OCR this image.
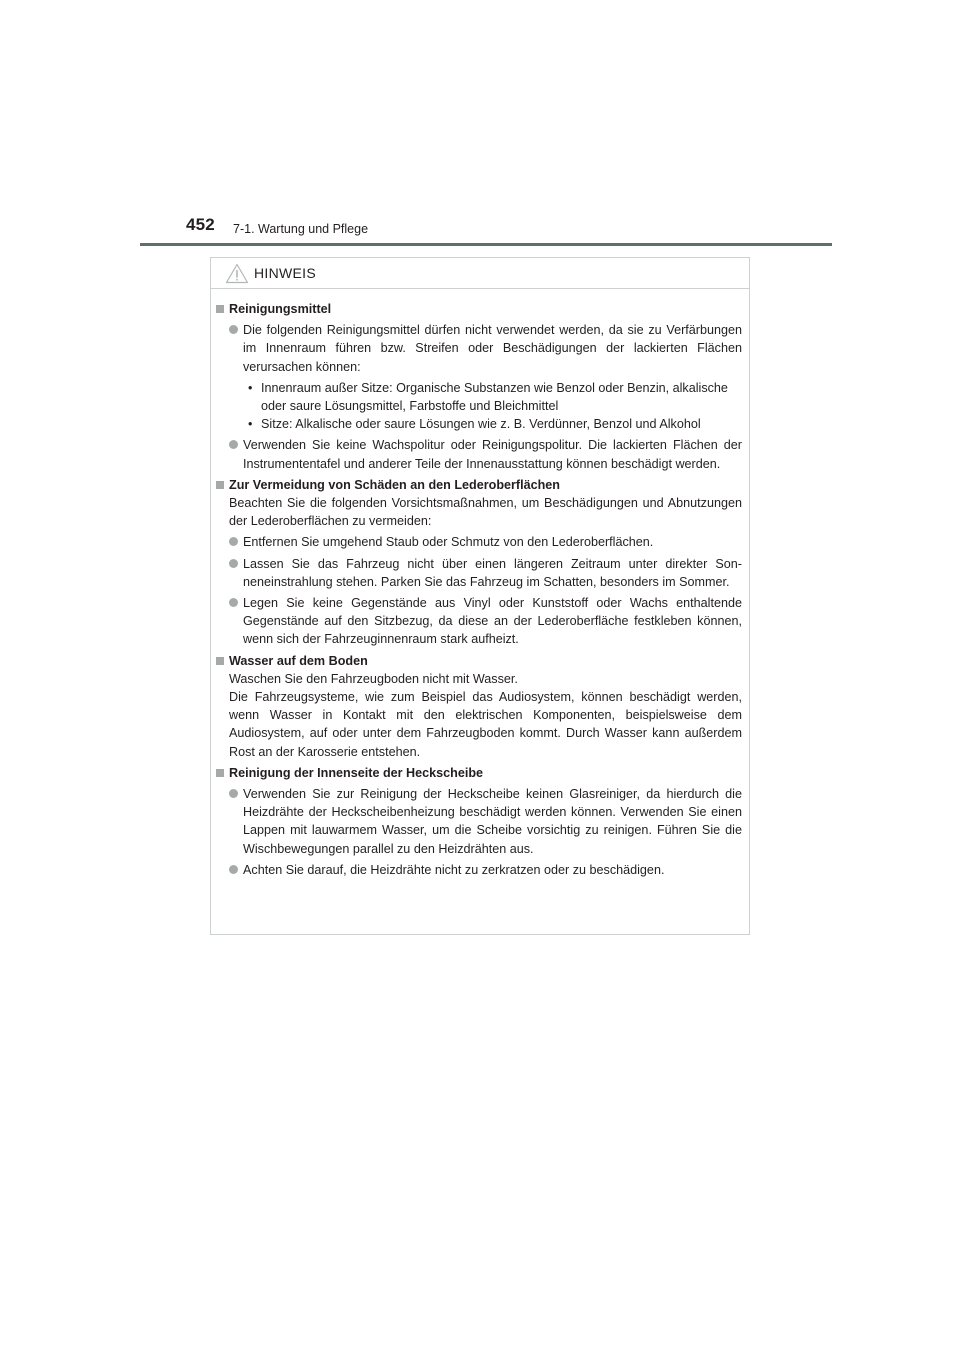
452 7-1. Wartung und Pflege
HINWEIS
Reinigungsmittel
Die folgenden Reinigungsmittel dürfen nicht verwendet werden, da sie zu Verfärbungen im Innenraum führen bzw. Streifen oder Beschädigungen der lackierten Flächen verursachen können:
• Innenraum außer Sitze: Organische Substanzen wie Benzol oder Benzin, alkalische oder saure Lösungsmittel, Farbstoffe und Bleichmittel
• Sitze: Alkalische oder saure Lösungen wie z. B. Verdünner, Benzol und Alkohol
Verwenden Sie keine Wachspolitur oder Reinigungspolitur. Die lackierten Flächen der Instrumententafel und anderer Teile der Innenausstattung können beschädigt werden.
Zur Vermeidung von Schäden an den Lederoberflächen
Beachten Sie die folgenden Vorsichtsmaßnahmen, um Beschädigungen und Abnutzungen der Lederoberflächen zu vermeiden:
Entfernen Sie umgehend Staub oder Schmutz von den Lederoberflächen.
Lassen Sie das Fahrzeug nicht über einen längeren Zeitraum unter direkter Sonneneinstrahlung stehen. Parken Sie das Fahrzeug im Schatten, besonders im Sommer.
Legen Sie keine Gegenstände aus Vinyl oder Kunststoff oder Wachs enthaltende Gegenstände auf den Sitzbezug, da diese an der Lederoberfläche festkleben können, wenn sich der Fahrzeuginnenraum stark aufheizt.
Wasser auf dem Boden
Waschen Sie den Fahrzeugboden nicht mit Wasser.
Die Fahrzeugsysteme, wie zum Beispiel das Audiosystem, können beschädigt werden, wenn Wasser in Kontakt mit den elektrischen Komponenten, beispielsweise dem Audiosystem, auf oder unter dem Fahrzeugboden kommt. Durch Wasser kann außerdem Rost an der Karosserie entstehen.
Reinigung der Innenseite der Heckscheibe
Verwenden Sie zur Reinigung der Heckscheibe keinen Glasreiniger, da hierdurch die Heizdrähte der Heckscheibenheizung beschädigt werden können. Verwenden Sie einen Lappen mit lauwarmem Wasser, um die Scheibe vorsichtig zu reinigen. Führen Sie die Wischbewegungen parallel zu den Heizdrähten aus.
Achten Sie darauf, die Heizdrähte nicht zu zerkratzen oder zu beschädigen.
